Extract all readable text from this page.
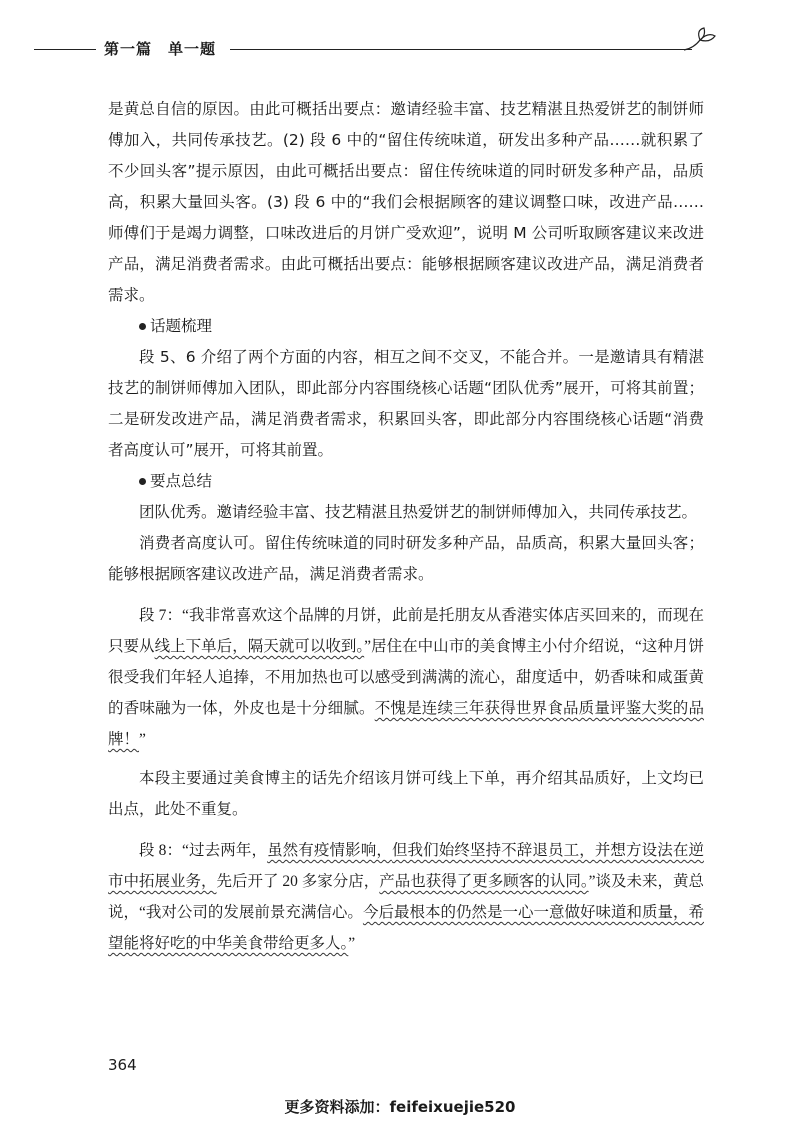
第一篇　单一题

是黄总自信的原因。由此可概括出要点：邀请经验丰富、技艺精湛且热爱饼艺的制饼师傅加入，共同传承技艺。(2) 段 6 中的“留住传统味道，研发出多种产品……就积累了不少回头客”提示原因，由此可概括出要点：留住传统味道的同时研发多种产品，品质高，积累大量回头客。(3) 段 6 中的“我们会根据顾客的建议调整口味，改进产品……师傅们于是竭力调整，口味改进后的月饼广受欢迎”，说明 M 公司听取顾客建议来改进产品，满足消费者需求。由此可概括出要点：能够根据顾客建议改进产品，满足消费者需求。

话题梳理

段 5、6 介绍了两个方面的内容，相互之间不交叉，不能合并。一是邀请具有精湛技艺的制饼师傅加入团队，即此部分内容围绕核心话题“团队优秀”展开，可将其前置；二是研发改进产品，满足消费者需求，积累回头客，即此部分内容围绕核心话题“消费者高度认可”展开，可将其前置。

要点总结

团队优秀。邀请经验丰富、技艺精湛且热爱饼艺的制饼师傅加入，共同传承技艺。

消费者高度认可。留住传统味道的同时研发多种产品，品质高，积累大量回头客；能够根据顾客建议改进产品，满足消费者需求。

段 7：“我非常喜欢这个品牌的月饼，此前是托朋友从香港实体店买回来的，而现在只要从线上下单后，隔天就可以收到。”居住在中山市的美食博主小付介绍说，“这种月饼很受我们年轻人追捧，不用加热也可以感受到满满的流心，甜度适中，奶香味和咸蛋黄的香味融为一体，外皮也是十分细腻。不愧是连续三年获得世界食品质量评鉴大奖的品牌！”

本段主要通过美食博主的话先介绍该月饼可线上下单，再介绍其品质好，上文均已出点，此处不重复。

段 8：“过去两年，虽然有疫情影响，但我们始终坚持不辞退员工，并想方设法在逆市中拓展业务，先后开了 20 多家分店，产品也获得了更多顾客的认同。”谈及未来，黄总说，“我对公司的发展前景充满信心。今后最根本的仍然是一心一意做好味道和质量，希望能将好吃的中华美食带给更多人。”

364
更多资料添加：feifeixuejie520
